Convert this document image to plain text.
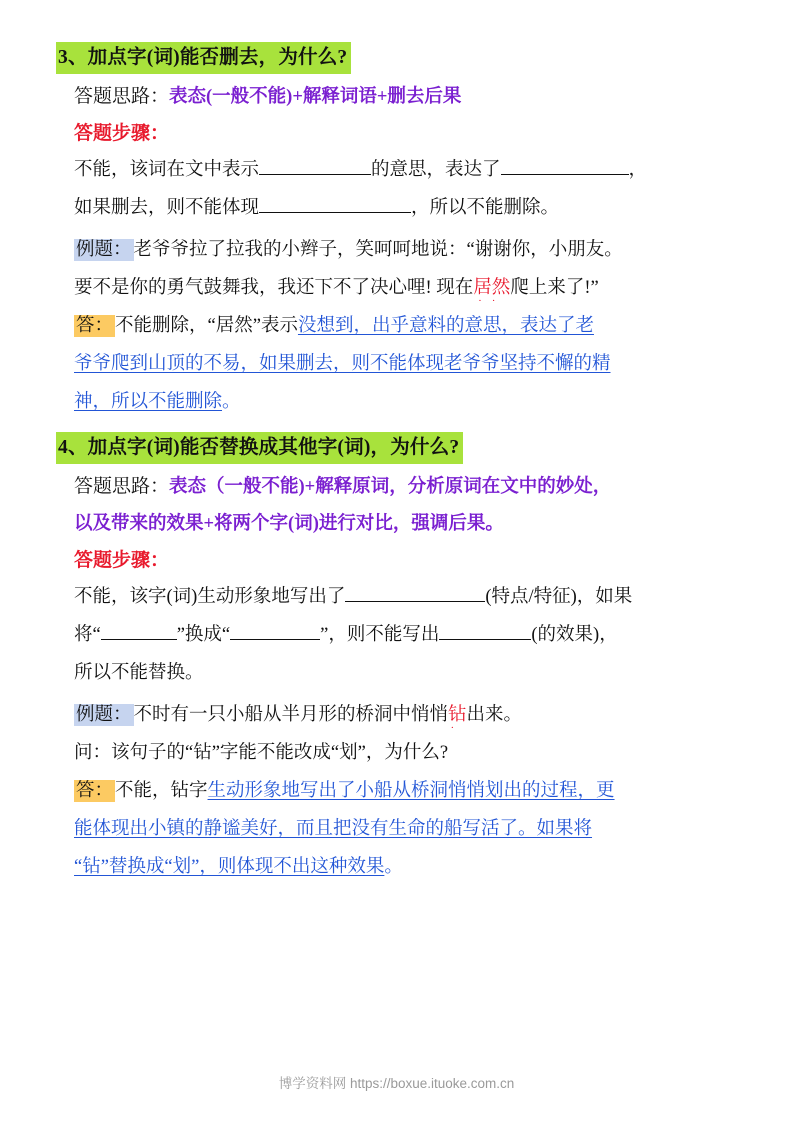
3、加点字(词)能否删去，为什么?
答题思路：表态(一般不能)+解释词语+删去后果
答题步骤：
不能，该词在文中表示	的意思，表达了	，
如果删去，则不能体现	，所以不能删除。
例题： 老爷爷拉了拉我的小辫子，笑呵呵地说：“谢谢你，小朋友。
要不是你的勇气鼓舞我，我还下不了决心哩! 现在居然
··
爬上来了!”
答： 不能删除，“居然”表示没想到，出乎意料的意思，表达了老
爷爷爬到山顶的不易，如果删去，则不能体现老爷爷坚持不懈的精
神，所以不能删除。
4、加点字(词)能否替换成其他字(词)，为什么?
答题思路：表态（一般不能)+解释原词，分析原词在文中的妙处，
以及带来的效果+将两个字(词)进行对比，强调后果。
答题步骤：
不能，该字(词)生动形象地写出了	(特点/特征)，如果
将“	”换成“	”，则不能写出	(的效果)，
所以不能替换。
例题： 不时有一只小船从半月形的桥洞中悄悄钻
·
出来。
问：该句子的“钻”字能不能改成“划”，为什么?
答： 不能，钻字生动形象地写出了小船从桥洞悄悄划出的过程，更
能体现出小镇的静谧美好，而且把没有生命的船写活了。如果将
“钻”替换成“划”，则体现不出这种效果。
博学资料网 https://boxue.ituoke.com.cn
